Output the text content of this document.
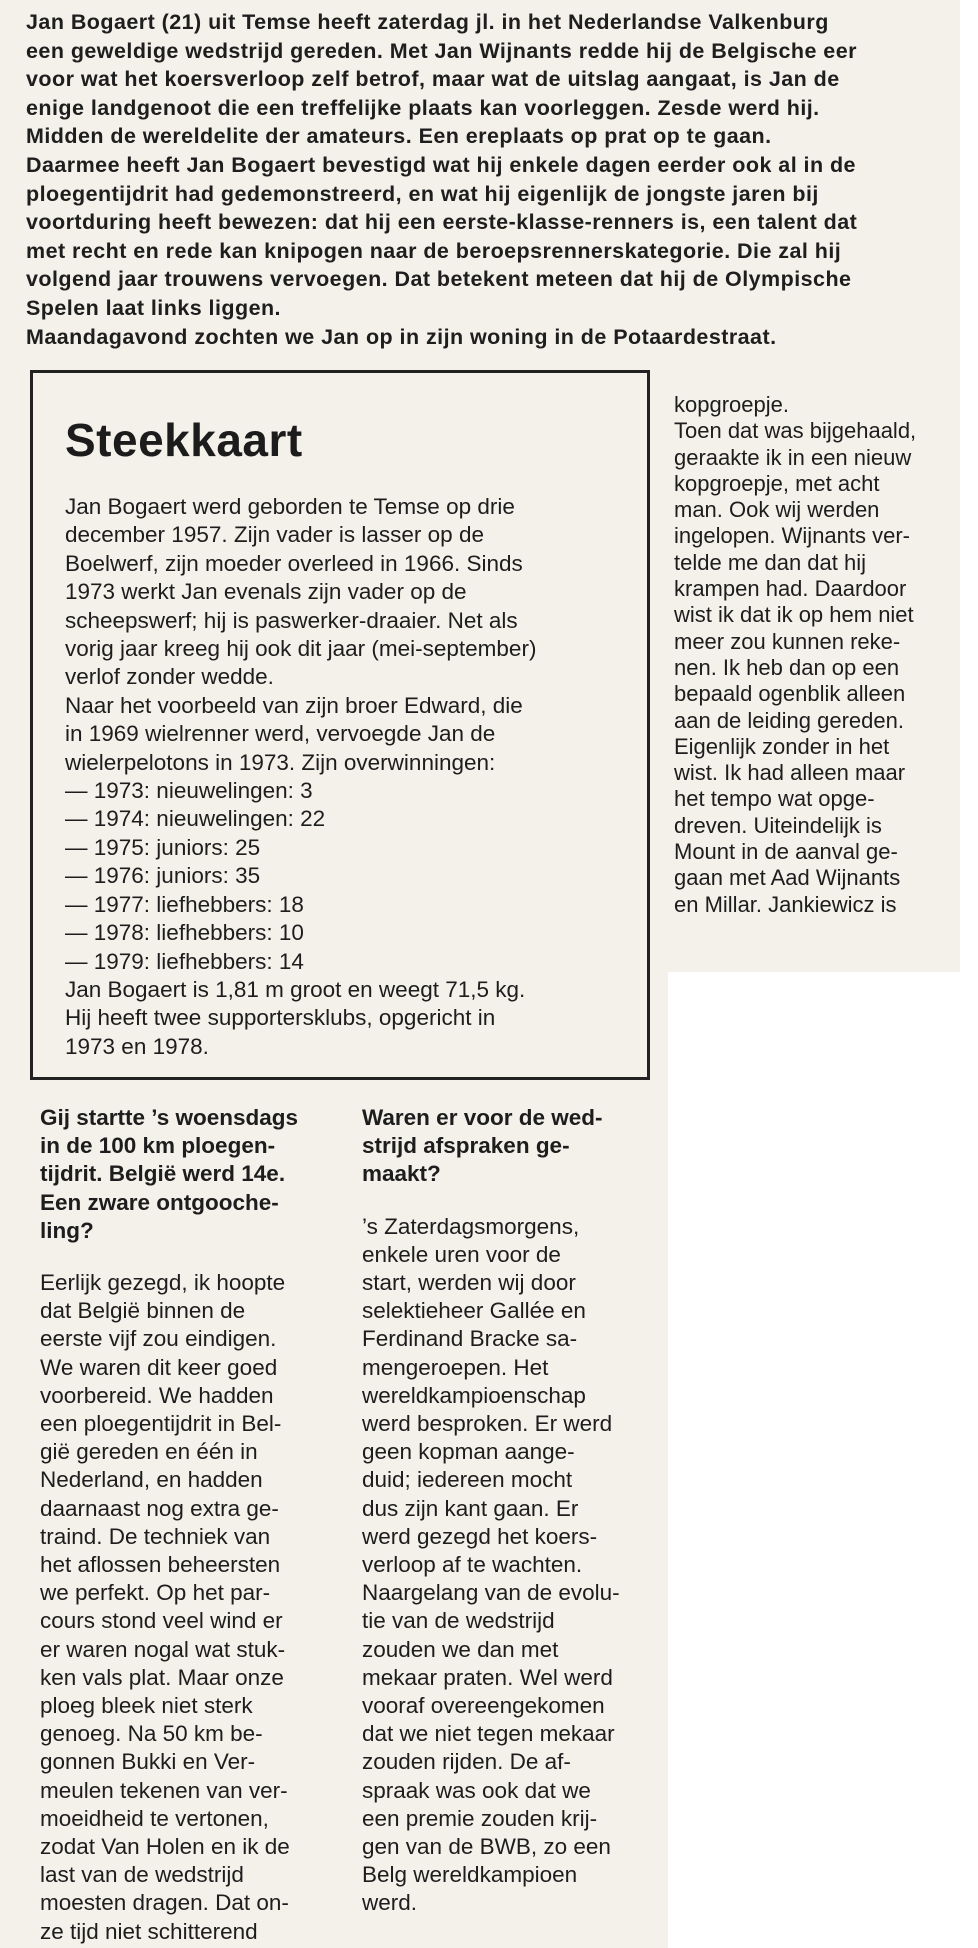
Jan Bogaert (21) uit Temse heeft zaterdag jl. in het Nederlandse Valkenburg

een geweldige wedstrijd gereden. Met Jan Wijnants redde hij de Belgische eer

voor wat het koersverloop zelf betrof, maar wat de uitslag aangaat, is Jan de

enige landgenoot die een treffelijke plaats kan voorleggen. Zesde werd hij.

Midden de wereldelite der amateurs. Een ereplaats op prat op te gaan.

Daarmee heeft Jan Bogaert bevestigd wat hij enkele dagen eerder ook al in de

ploegentijdrit had gedemonstreerd, en wat hij eigenlijk de jongste jaren bij

voortduring heeft bewezen: dat hij een eerste-klasse-renners is, een talent dat

met recht en rede kan knipogen naar de beroepsrennerskategorie. Die zal hij

volgend jaar trouwens vervoegen. Dat betekent meteen dat hij de Olympische

Spelen laat links liggen.

Maandagavond zochten we Jan op in zijn woning in de Potaardestraat.

Steekkaart

Jan Bogaert werd geborden te Temse op drie

december 1957. Zijn vader is lasser op de

Boelwerf, zijn moeder overleed in 1966. Sinds

1973 werkt Jan evenals zijn vader op de

scheepswerf; hij is paswerker-draaier. Net als

vorig jaar kreeg hij ook dit jaar (mei-september)

verlof zonder wedde.

Naar het voorbeeld van zijn broer Edward, die

in 1969 wielrenner werd, vervoegde Jan de

wielerpelotons in 1973. Zijn overwinningen:

— 1973: nieuwelingen: 3

— 1974: nieuwelingen: 22

— 1975: juniors: 25

— 1976: juniors: 35

— 1977: liefhebbers: 18

— 1978: liefhebbers: 10

— 1979: liefhebbers: 14

Jan Bogaert is 1,81 m groot en weegt 71,5 kg.

Hij heeft twee supportersklubs, opgericht in

1973 en 1978.

kopgroepje.

Toen dat was bijgehaald,

geraakte ik in een nieuw

kopgroepje, met acht

man. Ook wij werden

ingelopen. Wijnants ver-

telde me dan dat hij

krampen had. Daardoor

wist ik dat ik op hem niet

meer zou kunnen reke-

nen. Ik heb dan op een

bepaald ogenblik alleen

aan de leiding gereden.

Eigenlijk zonder in het

wist. Ik had alleen maar

het tempo wat opge-

dreven. Uiteindelijk is

Mount in de aanval ge-

gaan met Aad Wijnants

en Millar. Jankiewicz is

Gij startte ’s woensdags

in de 100 km ploegen-

tijdrit. België werd 14e.

Een zware ontgooche-

ling?

Eerlijk gezegd, ik hoopte

dat België binnen de

eerste vijf zou eindigen.

We waren dit keer goed

voorbereid. We hadden

een ploegentijdrit in Bel-

gië gereden en één in

Nederland, en hadden

daarnaast nog extra ge-

traind. De techniek van

het aflossen beheersten

we perfekt. Op het par-

cours stond veel wind er

er waren nogal wat stuk-

ken vals plat. Maar onze

ploeg bleek niet sterk

genoeg. Na 50 km be-

gonnen Bukki en Ver-

meulen tekenen van ver-

moeidheid te vertonen,

zodat Van Holen en ik de

last van de wedstrijd

moesten dragen. Dat on-

ze tijd niet schitterend

Waren er voor de wed-

strijd afspraken ge-

maakt?

’s Zaterdagsmorgens,

enkele uren voor de

start, werden wij door

selektieheer Gallée en

Ferdinand Bracke sa-

mengeroepen. Het

wereldkampioenschap

werd besproken. Er werd

geen kopman aange-

duid; iedereen mocht

dus zijn kant gaan. Er

werd gezegd het koers-

verloop af te wachten.

Naargelang van de evolu-

tie van de wedstrijd

zouden we dan met

mekaar praten. Wel werd

vooraf overeengekomen

dat we niet tegen mekaar

zouden rijden. De af-

spraak was ook dat we

een premie zouden krij-

gen van de BWB, zo een

Belg wereldkampioen

werd.
